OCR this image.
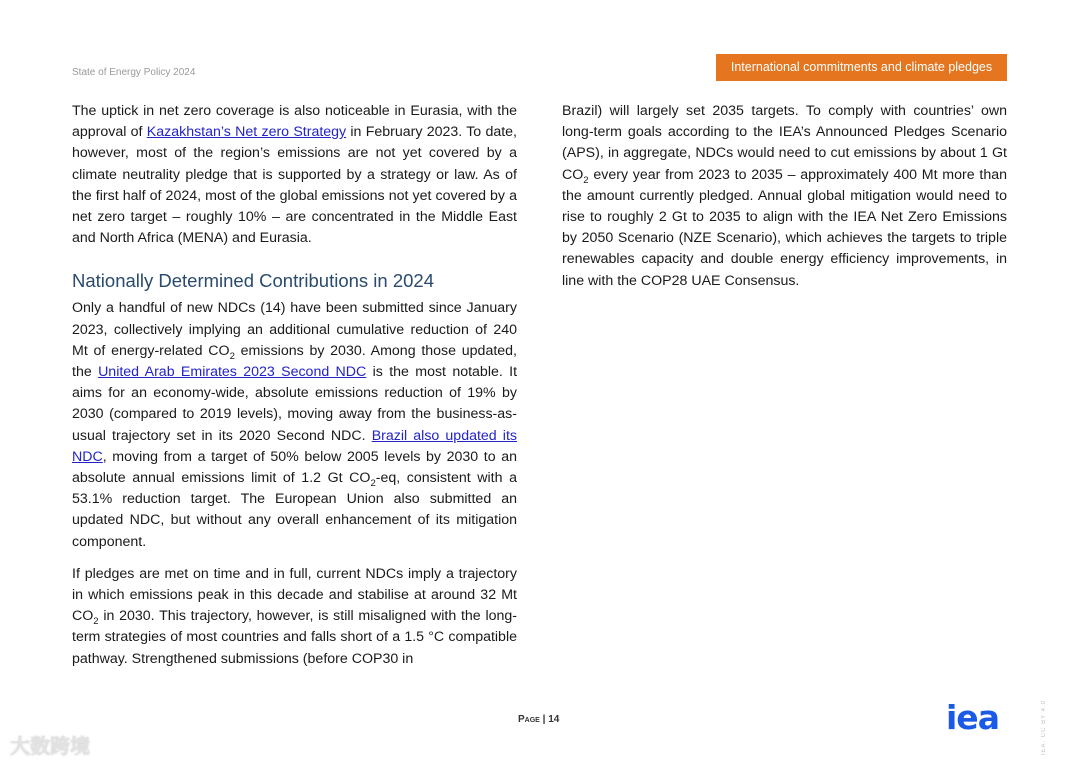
State of Energy Policy 2024	International commitments and climate pledges

The uptick in net zero coverage is also noticeable in Eurasia, with the approval of Kazakhstan’s Net zero Strategy in February 2023. To date, however, most of the region’s emissions are not yet covered by a climate neutrality pledge that is supported by a strategy or law. As of the first half of 2024, most of the global emissions not yet covered by a net zero target – roughly 10% – are concentrated in the Middle East and North Africa (MENA) and Eurasia.

Nationally Determined Contributions in 2024

Only a handful of new NDCs (14) have been submitted since January 2023, collectively implying an additional cumulative reduction of 240 Mt of energy-related $CO_2$ emissions by 2030. Among those updated, the United Arab Emirates 2023 Second NDC is the most notable. It aims for an economy-wide, absolute emissions reduction of 19% by 2030 (compared to 2019 levels), moving away from the business-as-usual trajectory set in its 2020 Second NDC. Brazil also updated its NDC, moving from a target of 50% below 2005 levels by 2030 to an absolute annual emissions limit of 1.2 Gt $CO_2-eq$, consistent with a 53.1% reduction target. The European Union also submitted an updated NDC, but without any overall enhancement of its mitigation component.

If pledges are met on time and in full, current NDCs imply a trajectory in which emissions peak in this decade and stabilise at around 32 Mt $CO_2$ in 2030. This trajectory, however, is still misaligned with the long-term strategies of most countries and falls short of a 1.5 °C compatible pathway. Strengthened submissions (before COP30 in

Brazil) will largely set 2035 targets. To comply with countries’ own long-term goals according to the IEA’s Announced Pledges Scenario (APS), in aggregate, NDCs would need to cut emissions by about 1 Gt $CO_2$ every year from 2023 to 2035 – approximately 400 Mt more than the amount currently pledged. Annual global mitigation would need to rise to roughly 2 Gt to 2035 to align with the IEA Net Zero Emissions by 2050 Scenario (NZE Scenario), which achieves the targets to triple renewables capacity and double energy efficiency improvements, in line with the COP28 UAE Consensus.

Page | 14	iea	IEA. CC BY 4.0
大数跨境
